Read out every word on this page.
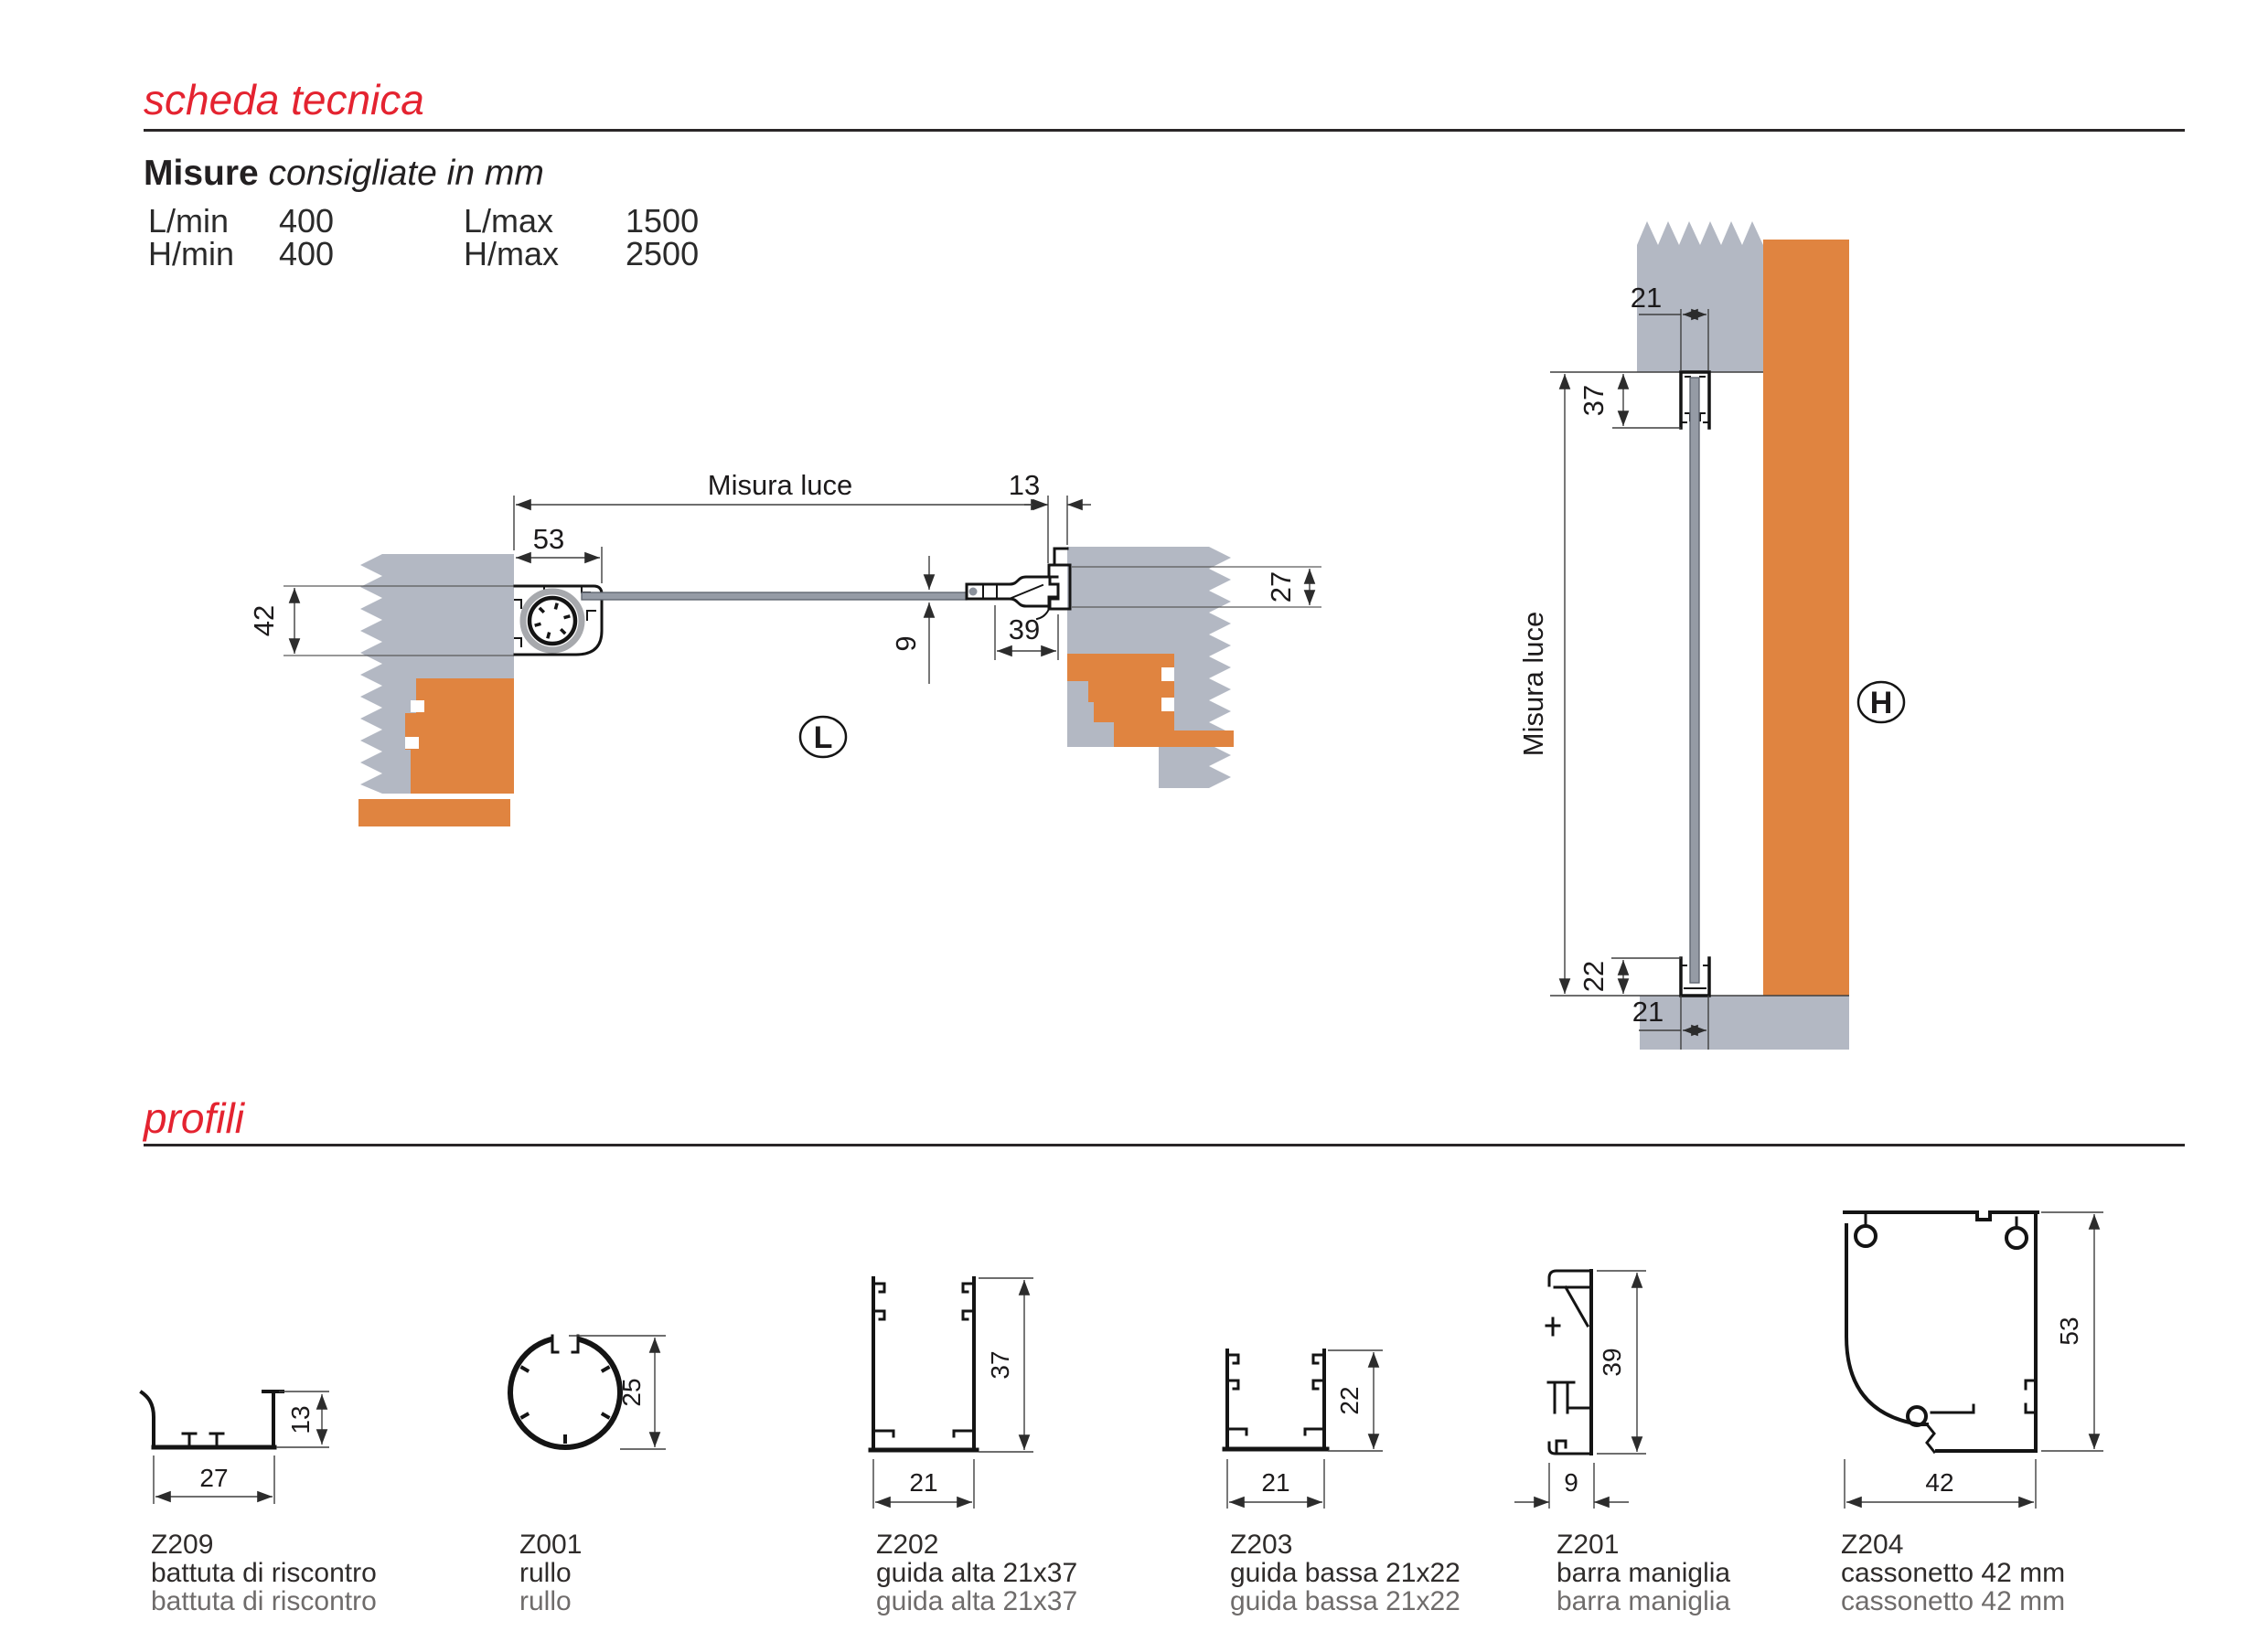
Misura luce	13
53
42
9	39
27
L	Misura luce
21
37
22
21
H
27
13
25
37
21
22
21
39
9
53
42
scheda tecnica
Misure consigliate in mm
L/min 400	L/max 1500
H/min 400	H/max 2500
profili
Z209
battuta di riscontro
battuta di riscontro
Z001
rullo
rullo
Z202
guida alta 21x37
guida alta 21x37
Z203
guida bassa 21x22
guida bassa 21x22
Z201
barra maniglia
barra maniglia
Z204
cassonetto 42 mm
cassonetto 42 mm
